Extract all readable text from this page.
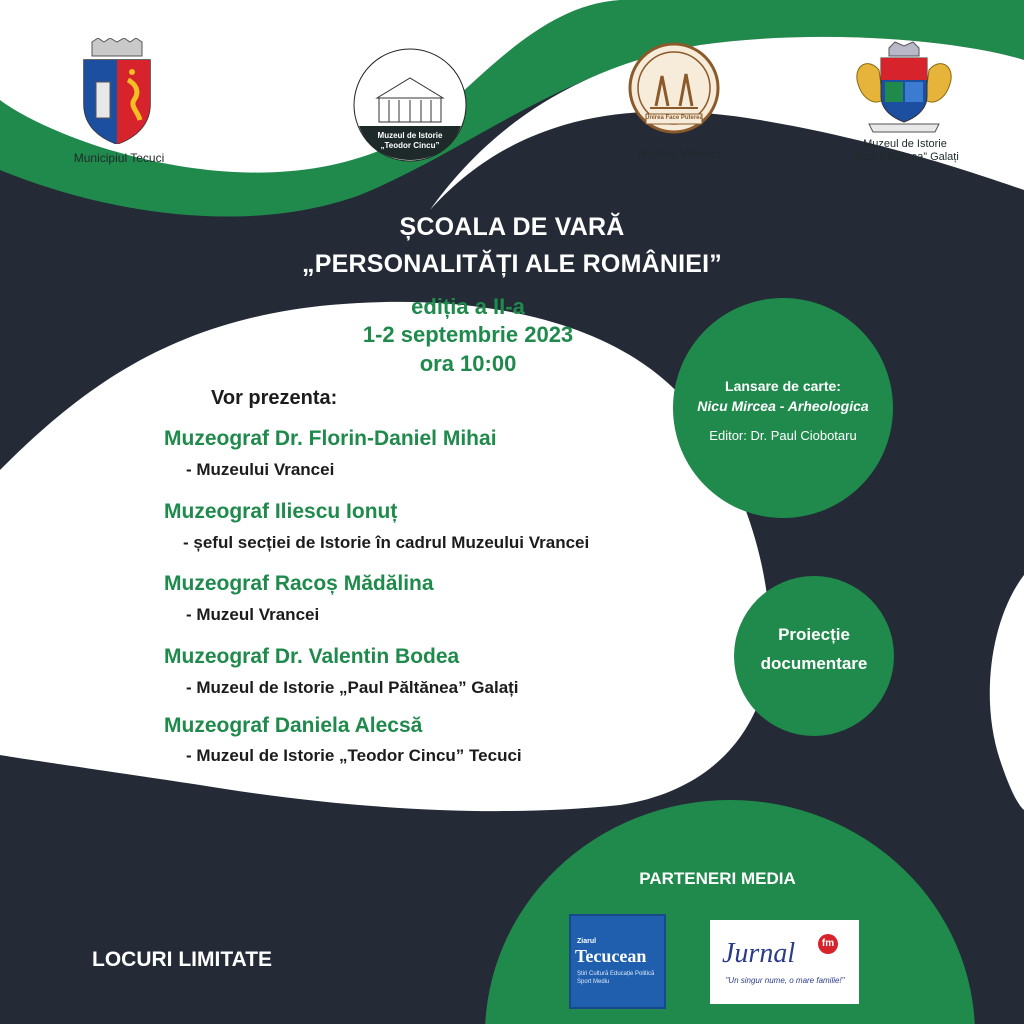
Municipiul Tecuci
Muzeul de Istorie
„Teodor Cincu”
Unirea Face Puterea
Muzeul Vrancei
Muzeul de Istorie
„Paul Păltănea” Galați
ȘCOALA DE VARĂ
„PERSONALITĂȚI ALE ROMÂNIEI”
ediția a II-a
1-2 septembrie 2023
ora 10:00
Vor prezenta:
Muzeograf Dr. Florin-Daniel Mihai
- Muzeului Vrancei
Muzeograf Iliescu Ionuț
- șeful secției de Istorie în cadrul Muzeului Vrancei
Muzeograf Racoș Mădălina
- Muzeul Vrancei
Muzeograf Dr. Valentin Bodea
- Muzeul de Istorie „Paul Păltănea” Galați
Muzeograf Daniela Alecsă
- Muzeul de Istorie „Teodor Cincu” Tecuci
Lansare de carte:
Nicu Mircea - Arheologica
Editor: Dr. Paul Ciobotaru
Proiecție
documentare
LOCURI LIMITATE
PARTENERI MEDIA
Ziarul
Tecucean
Știri Cultură Educație Politică Sport Mediu
Jurnal	fm
"Un singur nume, o mare familie!"
